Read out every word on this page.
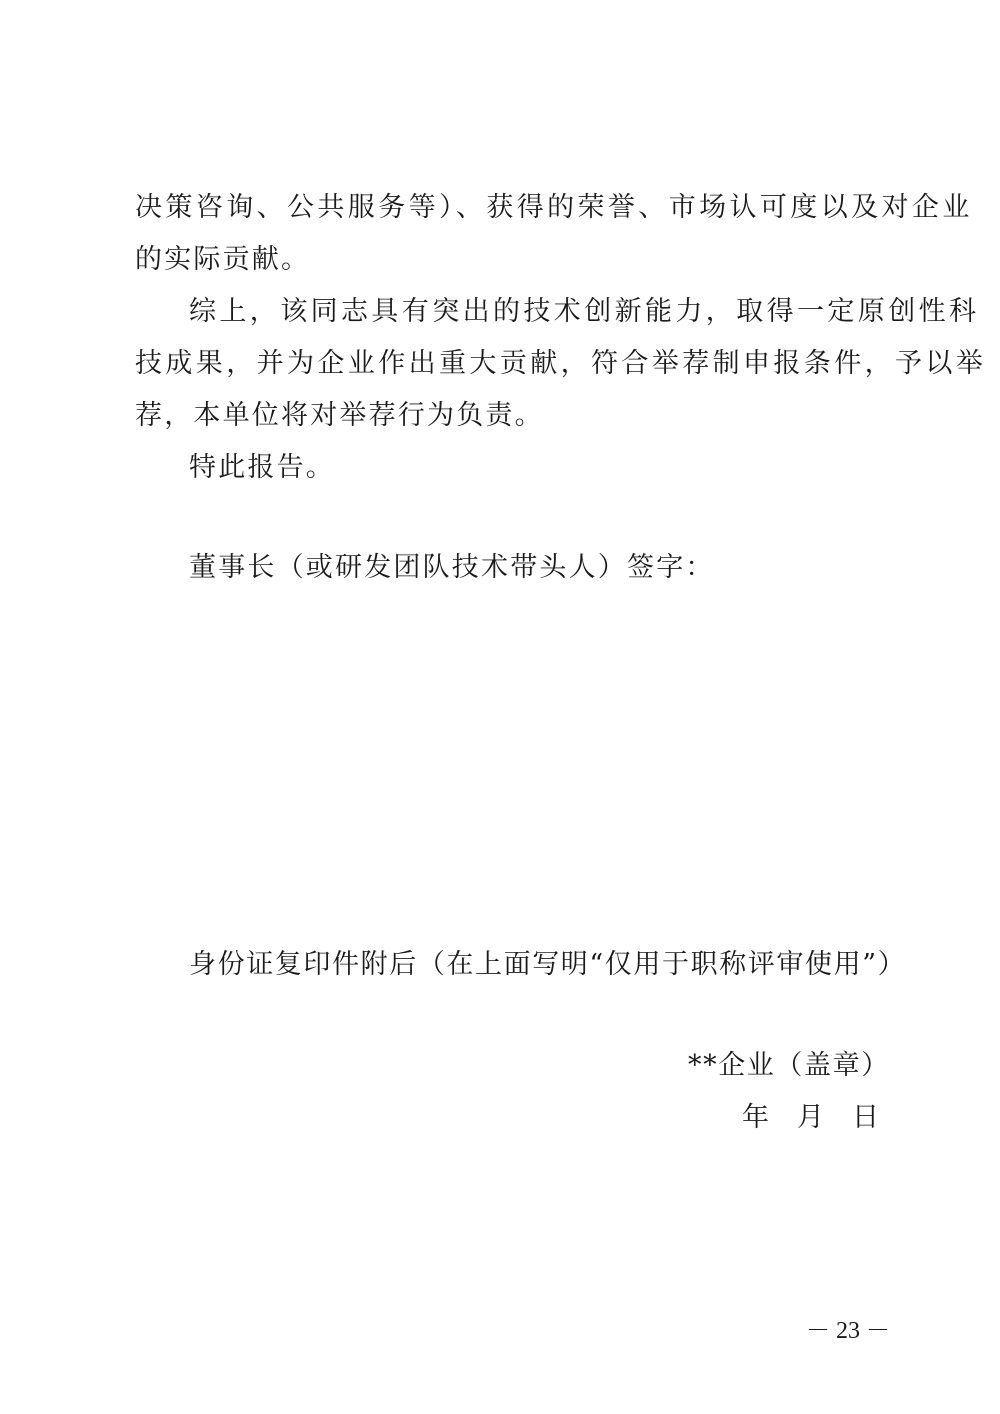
决策咨询、公共服务等）、获得的荣誉、市场认可度以及对企业
的实际贡献。
综上，该同志具有突出的技术创新能力，取得一定原创性科
技成果，并为企业作出重大贡献，符合举荐制申报条件，予以举
荐，本单位将对举荐行为负责。
特此报告。
董事长（或研发团队技术带头人）签字：
身份证复印件附后（在上面写明“仅用于职称评审使用”）
**企业（盖章）
年 月 日
－ 23 －
